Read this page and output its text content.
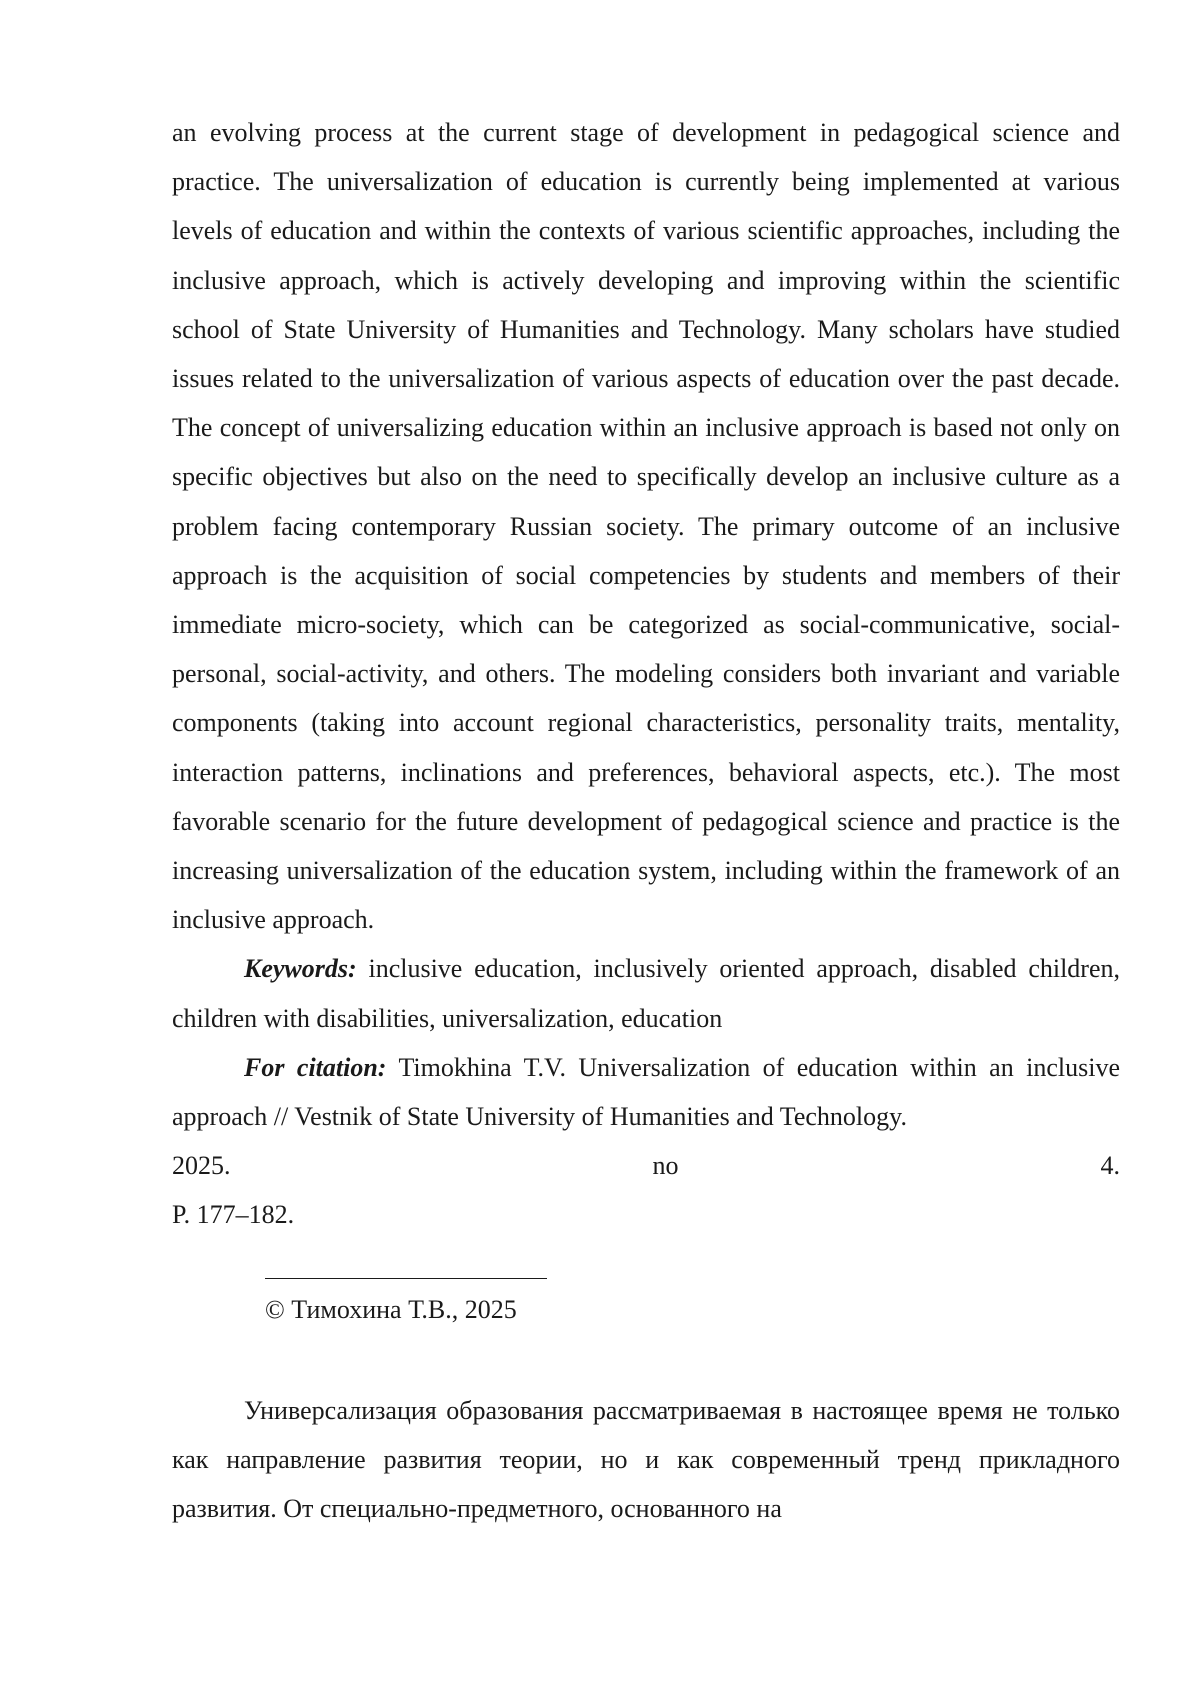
an evolving process at the current stage of development in pedagogical science and practice. The universalization of education is currently being implemented at various levels of education and within the contexts of various scientific approaches, including the inclusive approach, which is actively developing and improving within the scientific school of State University of Humanities and Technology. Many scholars have studied issues related to the universalization of various aspects of education over the past decade. The concept of universalizing education within an inclusive approach is based not only on specific objectives but also on the need to specifically develop an inclusive culture as a problem facing contemporary Russian society. The primary outcome of an inclusive approach is the acquisition of social competencies by students and members of their immediate micro-society, which can be categorized as social-communicative, social-personal, social-activity, and others. The modeling considers both invariant and variable components (taking into account regional characteristics, personality traits, mentality, interaction patterns, inclinations and preferences, behavioral aspects, etc.). The most favorable scenario for the future development of pedagogical science and practice is the increasing universalization of the education system, including within the framework of an inclusive approach.

Keywords: inclusive education, inclusively oriented approach, disabled children, children with disabilities, universalization, education

For citation: Timokhina T.V. Universalization of education within an inclusive approach // Vestnik of State University of Humanities and Technology.

2025.	no	4.

P. 177–182.

© Тимохина Т.В., 2025

Универсализация образования рассматриваемая в настоящее время не только как направление развития теории, но и как современный тренд прикладного развития. От специально-предметного, основанного на
